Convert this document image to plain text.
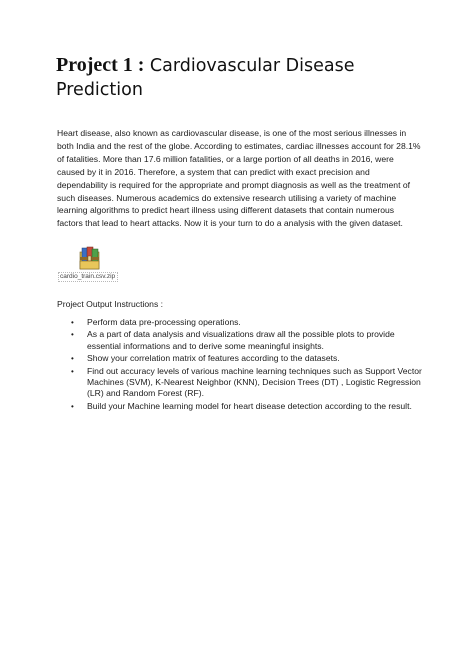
Project 1 : Cardiovascular Disease Prediction

Heart disease, also known as cardiovascular disease, is one of the most serious illnesses in both India and the rest of the globe. According to estimates, cardiac illnesses account for 28.1% of fatalities. More than 17.6 million fatalities, or a large portion of all deaths in 2016, were caused by it in 2016. Therefore, a system that can predict with exact precision and dependability is required for the appropriate and prompt diagnosis as well as the treatment of such diseases. Numerous academics do extensive research utilising a variety of machine learning algorithms to predict heart illness using different datasets that contain numerous factors that lead to heart attacks. Now it is your turn to do a analysis with the given dataset.

cardio_train.csv.zip
Project Output Instructions :
• Perform data pre-processing operations.
• As a part of data analysis and visualizations draw all the possible plots to provide essential informations and to derive some meaningful insights.
• Show your correlation matrix of features according to the datasets.
• Find out accuracy levels of various machine learning techniques such as Support Vector Machines (SVM), K-Nearest Neighbor (KNN), Decision Trees (DT) , Logistic Regression (LR) and Random Forest (RF).
• Build your Machine learning model for heart disease detection according to the result.
